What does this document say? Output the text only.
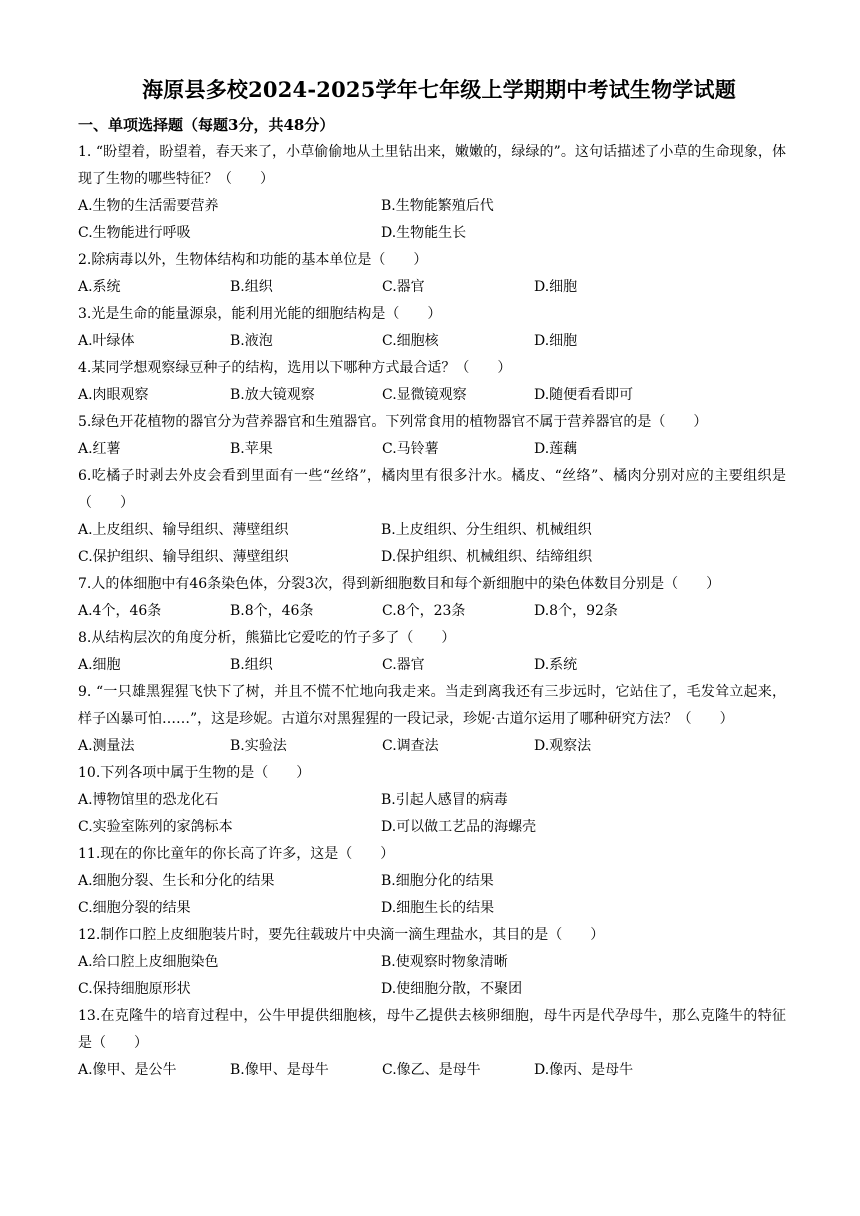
海原县多校2024-2025学年七年级上学期期中考试生物学试题
一、单项选择题（每题3分，共48分）
1. “盼望着，盼望着，春天来了，小草偷偷地从土里钻出来，嫩嫩的，绿绿的”。这句话描述了小草的生命现象，体现了生物的哪些特征？（　　）
A.生物的生活需要营养	B.生物能繁殖后代
C.生物能进行呼吸	D.生物能生长
2.除病毒以外，生物体结构和功能的基本单位是（　　）
A.系统	B.组织	C.器官	D.细胞
3.光是生命的能量源泉，能利用光能的细胞结构是（　　）
A.叶绿体	B.液泡	C.细胞核	D.细胞
4.某同学想观察绿豆种子的结构，选用以下哪种方式最合适？（　　）
A.肉眼观察	B.放大镜观察	C.显微镜观察	D.随便看看即可
5.绿色开花植物的器官分为营养器官和生殖器官。下列常食用的植物器官不属于营养器官的是（　　）
A.红薯	B.苹果	C.马铃薯	D.莲藕
6.吃橘子时剥去外皮会看到里面有一些“丝络”，橘肉里有很多汁水。橘皮、“丝络”、橘肉分别对应的主要组织是（　　）
A.上皮组织、输导组织、薄壁组织	B.上皮组织、分生组织、机械组织
C.保护组织、输导组织、薄壁组织	D.保护组织、机械组织、结缔组织
7.人的体细胞中有46条染色体，分裂3次，得到新细胞数目和每个新细胞中的染色体数目分别是（　　）
A.4个，46条	B.8个，46条	C.8个，23条	D.8个，92条
8.从结构层次的角度分析，熊猫比它爱吃的竹子多了（　　）
A.细胞	B.组织	C.器官	D.系统
9. “一只雄黑猩猩飞快下了树，并且不慌不忙地向我走来。当走到离我还有三步远时，它站住了，毛发耸立起来，样子凶暴可怕……”，这是珍妮。古道尔对黑猩猩的一段记录，珍妮·古道尔运用了哪种研究方法？（　　）
A.测量法	B.实验法	C.调查法	D.观察法
10.下列各项中属于生物的是（　　）
A.博物馆里的恐龙化石	B.引起人感冒的病毒
C.实验室陈列的家鸽标本	D.可以做工艺品的海螺壳
11.现在的你比童年的你长高了许多，这是（　　）
A.细胞分裂、生长和分化的结果	B.细胞分化的结果
C.细胞分裂的结果	D.细胞生长的结果
12.制作口腔上皮细胞装片时，要先往载玻片中央滴一滴生理盐水，其目的是（　　）
A.给口腔上皮细胞染色	B.使观察时物象清晰
C.保持细胞原形状	D.使细胞分散，不聚团
13.在克隆牛的培育过程中，公牛甲提供细胞核，母牛乙提供去核卵细胞，母牛丙是代孕母牛，那么克隆牛的特征是（　　）
A.像甲、是公牛	B.像甲、是母牛	C.像乙、是母牛	D.像丙、是母牛
